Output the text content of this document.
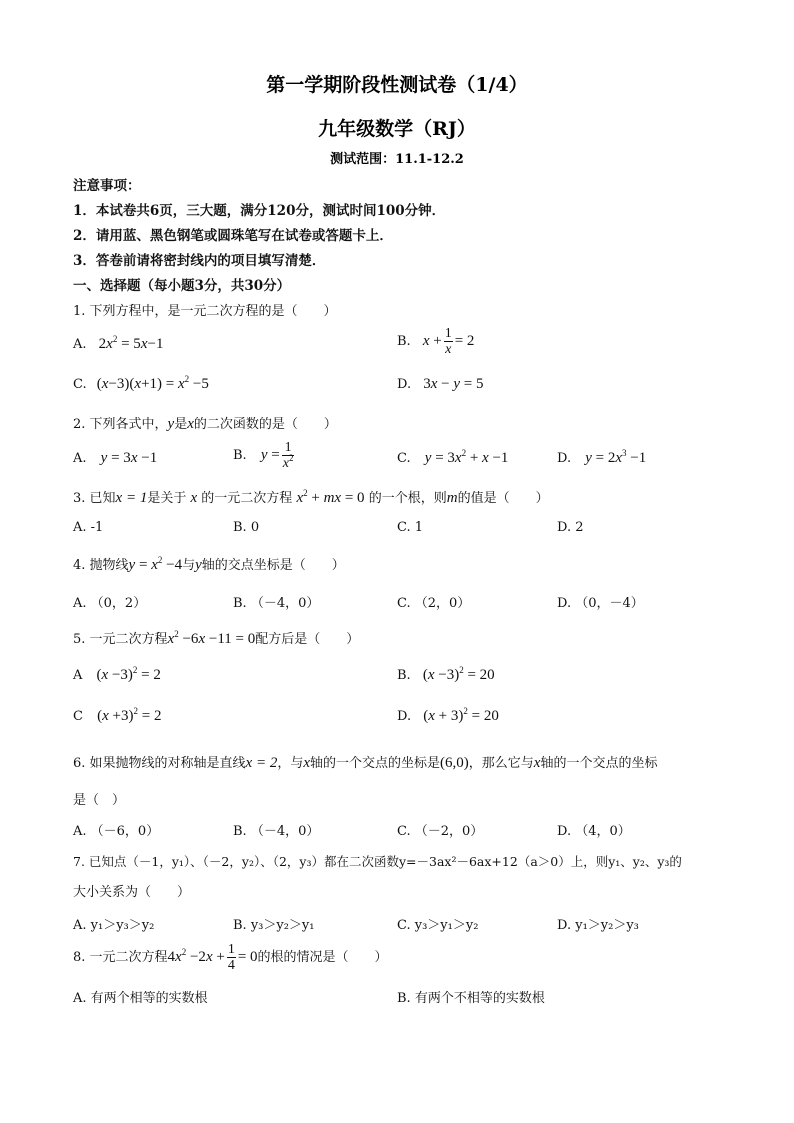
第一学期阶段性测试卷（1/4）
九年级数学（RJ）
测试范围：11.1-12.2
注意事项：
1．本试卷共6页，三大题，满分120分，测试时间100分钟．
2．请用蓝、黑色钢笔或圆珠笔写在试卷或答题卡上．
3．答卷前请将密封线内的项目填写清楚．
一、选择题（每小题3分，共30分）
1. 下列方程中，是一元二次方程的是（　　）
A. $2x^2 = 5x-1$	B. $x + \frac{1}{x} = 2$
C. $(x-3)(x+1) = x^2 -5$	D. 3x − y = 5
2. 下列各式中，y是x的二次函数的是（　　）
A. y = 3x −1	B. $y = \frac{1}{x^2}$	C. $y = 3x^2 + x -1$	D. $y = 2x^3 -1$
3. 已知x = 1是关于 x 的一元二次方程 $x^2$ + mx = 0 的一个根，则m的值是（　　）
A. -1	B. 0	C. 1	D. 2
4. 抛物线$y = x^2 -4$与y轴的交点坐标是（　　）
A. （0，2）	B. （－4，0）	C. （2，0）	D. （0，－4）
5. 一元二次方程$x^2 -6x -11 = 0$配方后是（　　）
A $(x -3)^2 = 2$	B. $(x -3)^2 = 20$
C $(x +3)^2 = 2$	D. $(x + 3)^2 = 20$
6. 如果抛物线的对称轴是直线x = 2，与x轴的一个交点的坐标是(6,0)，那么它与x轴的一个交点的坐标
是（　）
A. （－6，0）	B. （－4，0）	C. （－2，0）	D. （4，0）
7. 已知点（－1，y₁）、（－2，y₂）、（2，y₃）都在二次函数y=－3ax²－6ax+12（a＞0）上，则y₁、y₂、y₃的
大小关系为（　　）
A. y₁＞y₃＞y₂	B. y₃＞y₂＞y₁	C. y₃＞y₁＞y₂	D. y₁＞y₂＞y₃
8. 一元二次方程$4x^2 -2x + \frac{1}{4} = 0$的根的情况是（　　）
A. 有两个相等的实数根	B. 有两个不相等的实数根
